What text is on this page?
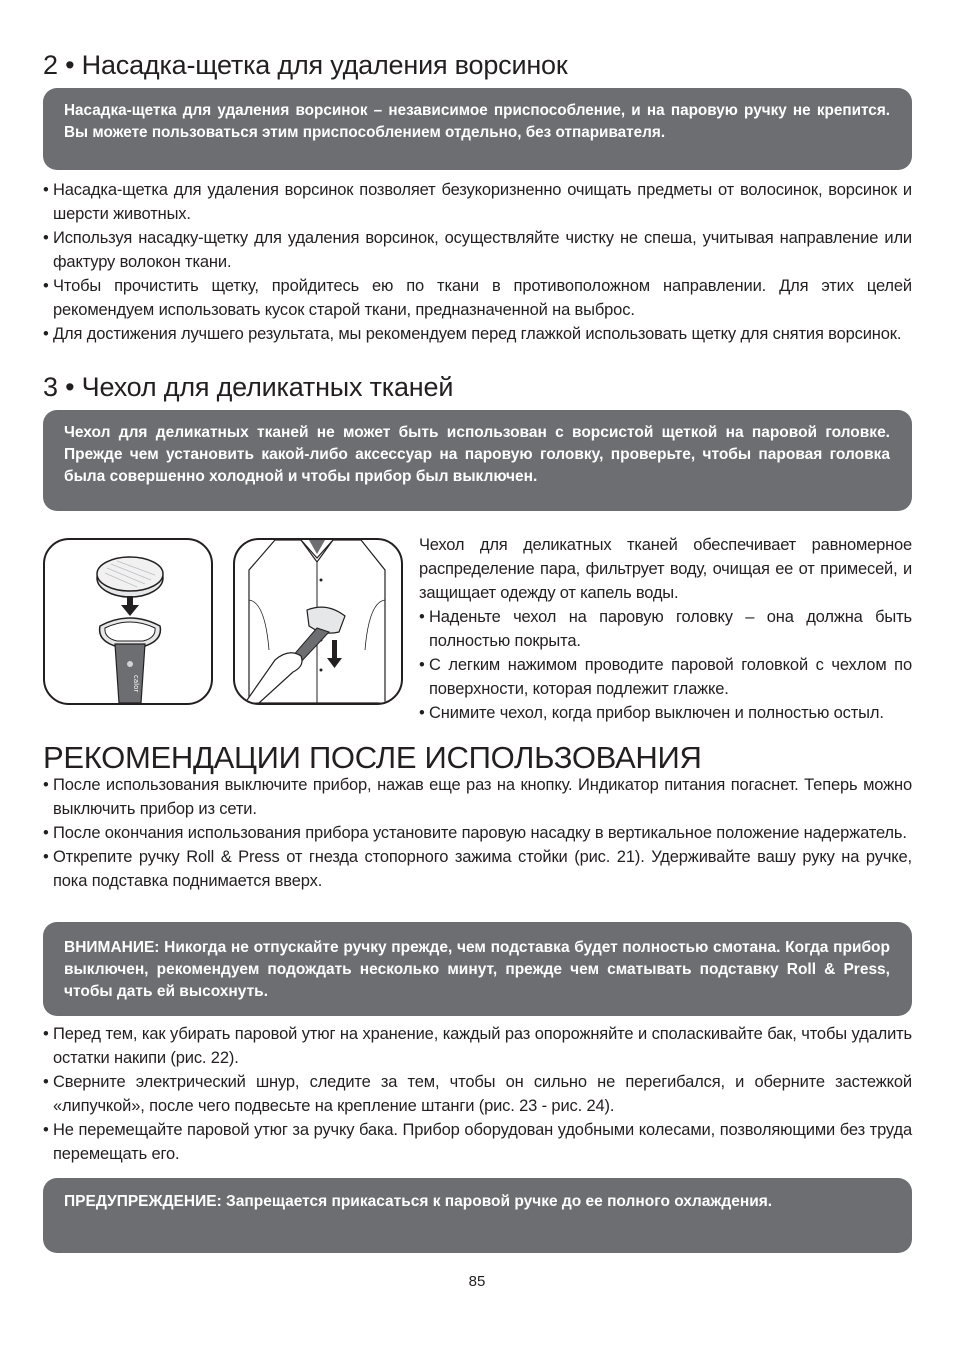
2 • Насадка-щетка для удаления ворсинок
Насадка-щетка для удаления ворсинок – независимое приспособление, и на паровую ручку не крепится. Вы можете пользоваться этим приспособлением отдельно, без отпаривателя.
• Насадка-щетка для удаления ворсинок позволяет безукоризненно очищать предметы от волосинок, ворсинок и шерсти животных.
• Используя насадку-щетку для удаления ворсинок, осуществляйте чистку не спеша, учитывая направление или фактуру волокон ткани.
• Чтобы прочистить щетку, пройдитесь ею по ткани в противоположном направлении. Для этих целей рекомендуем использовать кусок старой ткани, предназначенной на выброс.
• Для достижения лучшего результата, мы рекомендуем перед глажкой использовать щетку для снятия ворсинок.
3 • Чехол для деликатных тканей
Чехол для деликатных тканей не может быть использован с ворсистой щеткой на паровой головке. Прежде чем установить какой-либо аксессуар на паровую головку, проверьте, чтобы паровая головка была совершенно холодной и чтобы прибор был выключен.
calor
Чехол для деликатных тканей обеспечивает равномерное распределение пара, фильтрует воду, очищая ее от примесей, и защищает одежду от капель воды.
• Наденьте чехол на паровую головку – она должна быть полностью покрыта.
• С легким нажимом проводите паровой головкой с чехлом по поверхности, которая подлежит глажке.
• Снимите чехол, когда прибор выключен и полностью остыл.
РЕКОМЕНДАЦИИ ПОСЛЕ ИСПОЛЬЗОВАНИЯ
• После использования выключите прибор, нажав еще раз на кнопку. Индикатор питания погаснет. Теперь можно выключить прибор из сети.
• После окончания использования прибора установите паровую насадку в вертикальное положение надержатель.
• Открепите ручку Roll & Press от гнезда стопорного зажима стойки (рис. 21). Удерживайте вашу руку на ручке, пока подставка поднимается вверх.
ВНИМАНИЕ: Никогда не отпускайте ручку прежде, чем подставка будет полностью смотана. Когда прибор выключен, рекомендуем подождать несколько минут, прежде чем сматывать подставку Roll & Press, чтобы дать ей высохнуть.
• Перед тем, как убирать паровой утюг на хранение, каждый раз опорожняйте и споласкивайте бак, чтобы удалить остатки накипи (рис. 22).
• Сверните электрический шнур, следите за тем, чтобы он сильно не перегибался, и оберните застежкой «липучкой», после чего подвесьте на крепление штанги (рис. 23 - рис. 24).
• Не перемещайте паровой утюг за ручку бака. Прибор оборудован удобными колесами, позволяющими без труда перемещать его.
ПРЕДУПРЕЖДЕНИЕ: Запрещается прикасаться к паровой ручке до ее полного охлаждения.
85
